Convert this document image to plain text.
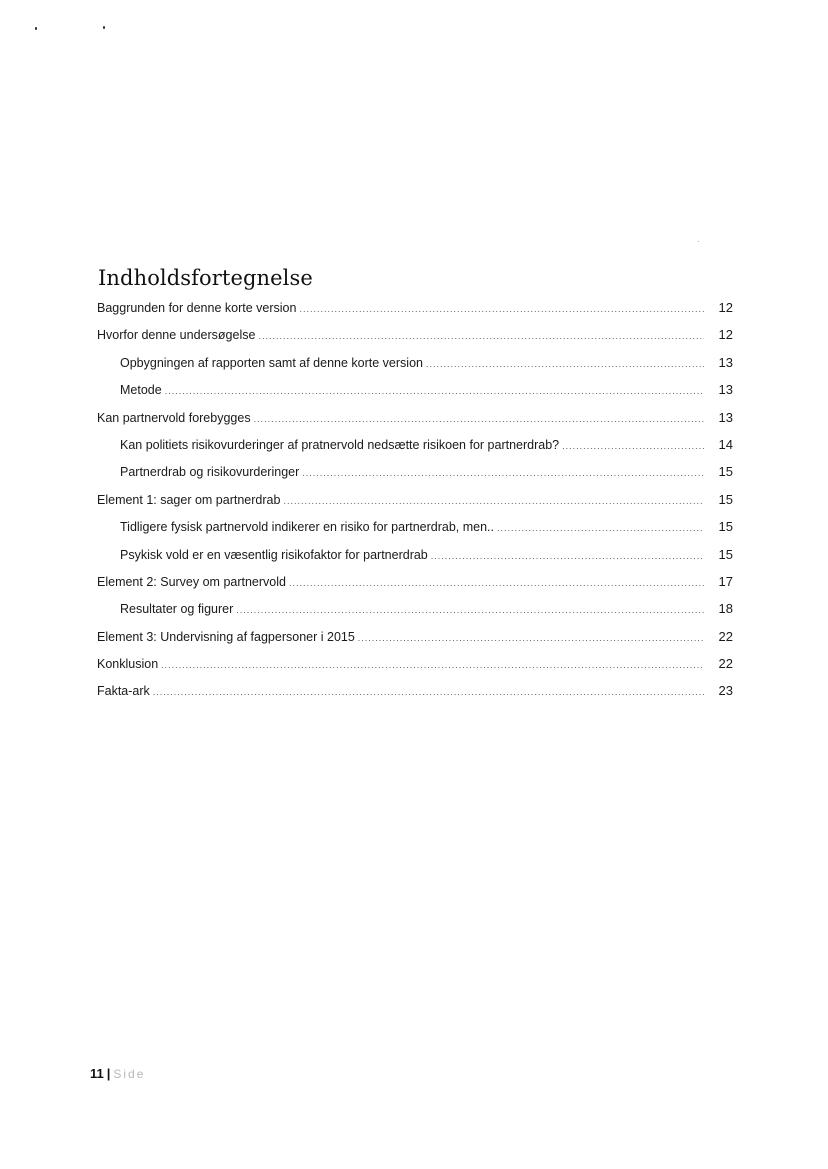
Indholdsfortegnelse
Baggrunden for denne korte version .....	12
Hvorfor denne undersøgelse .....	12
Opbygningen af rapporten samt af denne korte version .....	13
Metode .....	13
Kan partnervold forebygges .....	13
Kan politiets risikovurderinger af pratnervold nedsætte risikoen for partnerdrab? .....	14
Partnerdrab og risikovurderinger .....	15
Element 1: sager om partnerdrab .....	15
Tidligere fysisk partnervold indikerer en risiko for partnerdrab, men.. .....	15
Psykisk vold er en væsentlig risikofaktor for partnerdrab .....	15
Element 2: Survey om partnervold .....	17
Resultater og figurer .....	18
Element 3: Undervisning af fagpersoner i 2015 .....	22
Konklusion .....	22
Fakta-ark .....	23
11 | Side
